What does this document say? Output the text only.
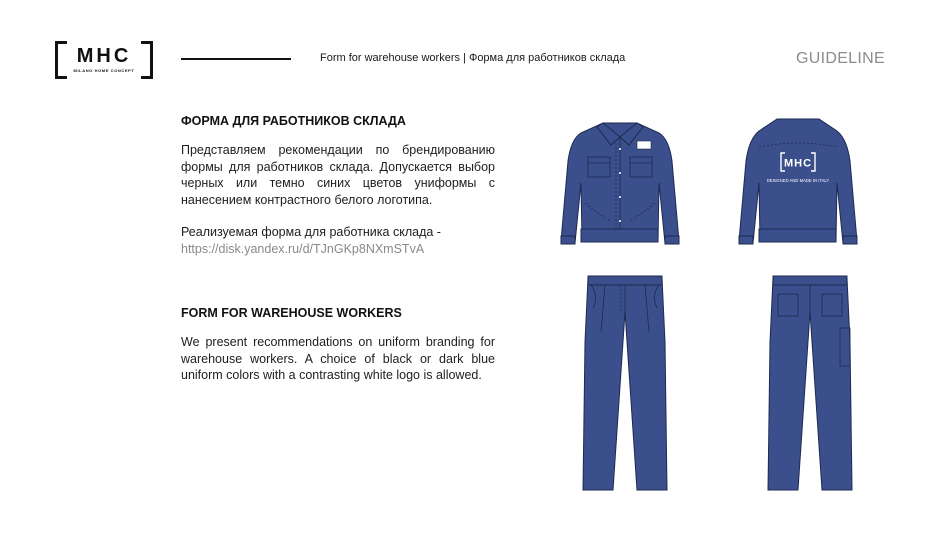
MHC
MILANO HOME CONCEPT
Form for warehouse workers | Форма для работников склада	GUIDELINE
ФОРМА ДЛЯ РАБОТНИКОВ СКЛАДА

Представляем рекомендации по брендированию формы для работников склада. Допускается выбор черных или темно синих цветов униформы с нанесением контрастного белого логотипа.

Реализуемая форма для работника склада -
https://disk.yandex.ru/d/TJnGKp8NXmSTvA

FORM FOR WAREHOUSE WORKERS

We present recommendations on uniform branding for warehouse workers. A choice of black or dark blue uniform colors with a contrasting white logo is allowed.

MHC
DESIGNED AND MADE IN ITALY
